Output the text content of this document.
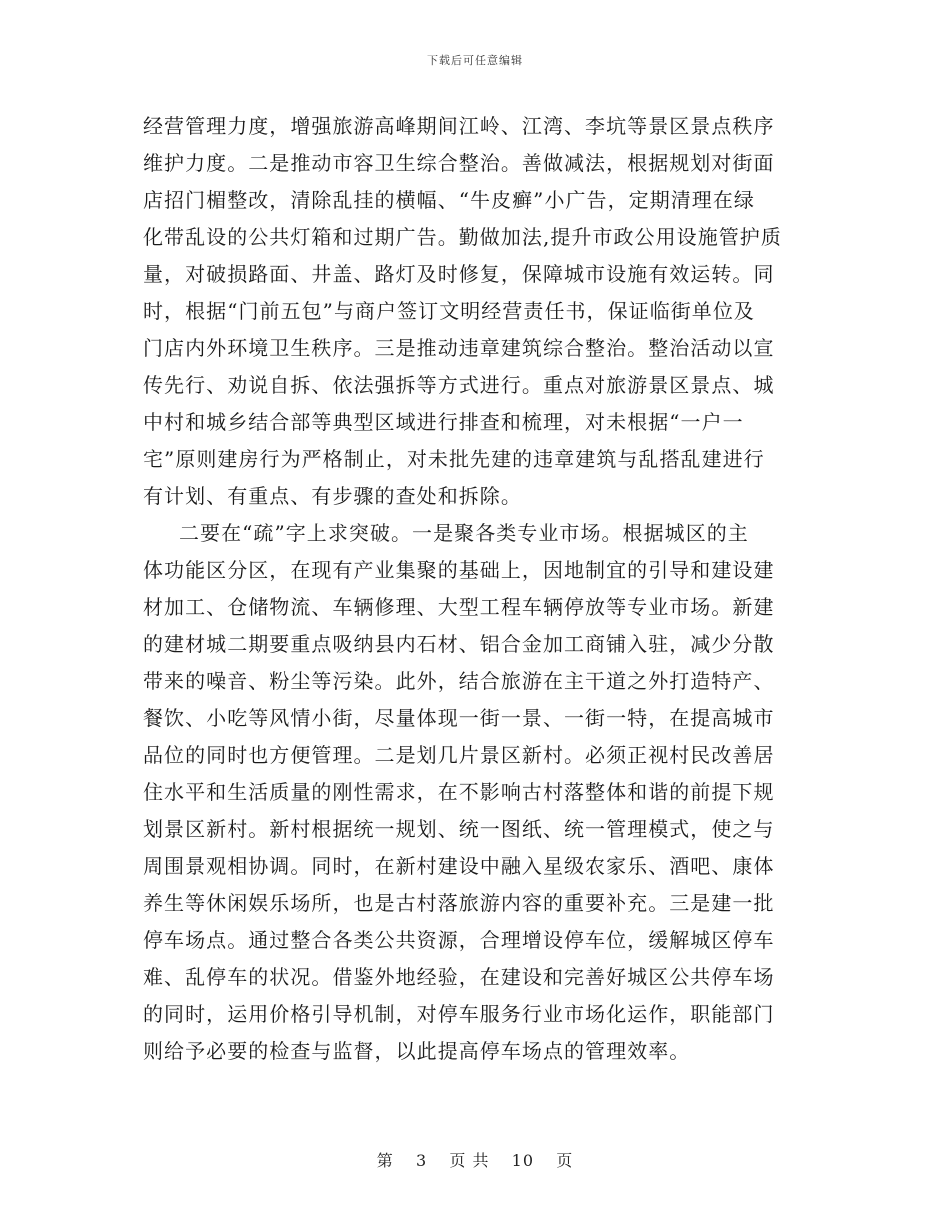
下载后可任意编辑
经营管理力度，增强旅游高峰期间江岭、江湾、李坑等景区景点秩序
维护力度。二是推动市容卫生综合整治。善做减法，根据规划对街面
店招门楣整改，清除乱挂的横幅、“牛皮癣”小广告，定期清理在绿
化带乱设的公共灯箱和过期广告。勤做加法,提升市政公用设施管护质
量，对破损路面、井盖、路灯及时修复，保障城市设施有效运转。同
时，根据“门前五包”与商户签订文明经营责任书，保证临街单位及
门店内外环境卫生秩序。三是推动违章建筑综合整治。整治活动以宣
传先行、劝说自拆、依法强拆等方式进行。重点对旅游景区景点、城
中村和城乡结合部等典型区域进行排查和梳理，对未根据“一户一
宅”原则建房行为严格制止，对未批先建的违章建筑与乱搭乱建进行
有计划、有重点、有步骤的查处和拆除。
二要在“疏”字上求突破。一是聚各类专业市场。根据城区的主
体功能区分区，在现有产业集聚的基础上，因地制宜的引导和建设建
材加工、仓储物流、车辆修理、大型工程车辆停放等专业市场。新建
的建材城二期要重点吸纳县内石材、铝合金加工商铺入驻，减少分散
带来的噪音、粉尘等污染。此外，结合旅游在主干道之外打造特产、
餐饮、小吃等风情小街，尽量体现一街一景、一街一特，在提高城市
品位的同时也方便管理。二是划几片景区新村。必须正视村民改善居
住水平和生活质量的刚性需求，在不影响古村落整体和谐的前提下规
划景区新村。新村根据统一规划、统一图纸、统一管理模式，使之与
周围景观相协调。同时，在新村建设中融入星级农家乐、酒吧、康体
养生等休闲娱乐场所，也是古村落旅游内容的重要补充。三是建一批
停车场点。通过整合各类公共资源，合理增设停车位，缓解城区停车
难、乱停车的状况。借鉴外地经验，在建设和完善好城区公共停车场
的同时，运用价格引导机制，对停车服务行业市场化运作，职能部门
则给予必要的检查与监督，以此提高停车场点的管理效率。
第 3 页 共 10 页
